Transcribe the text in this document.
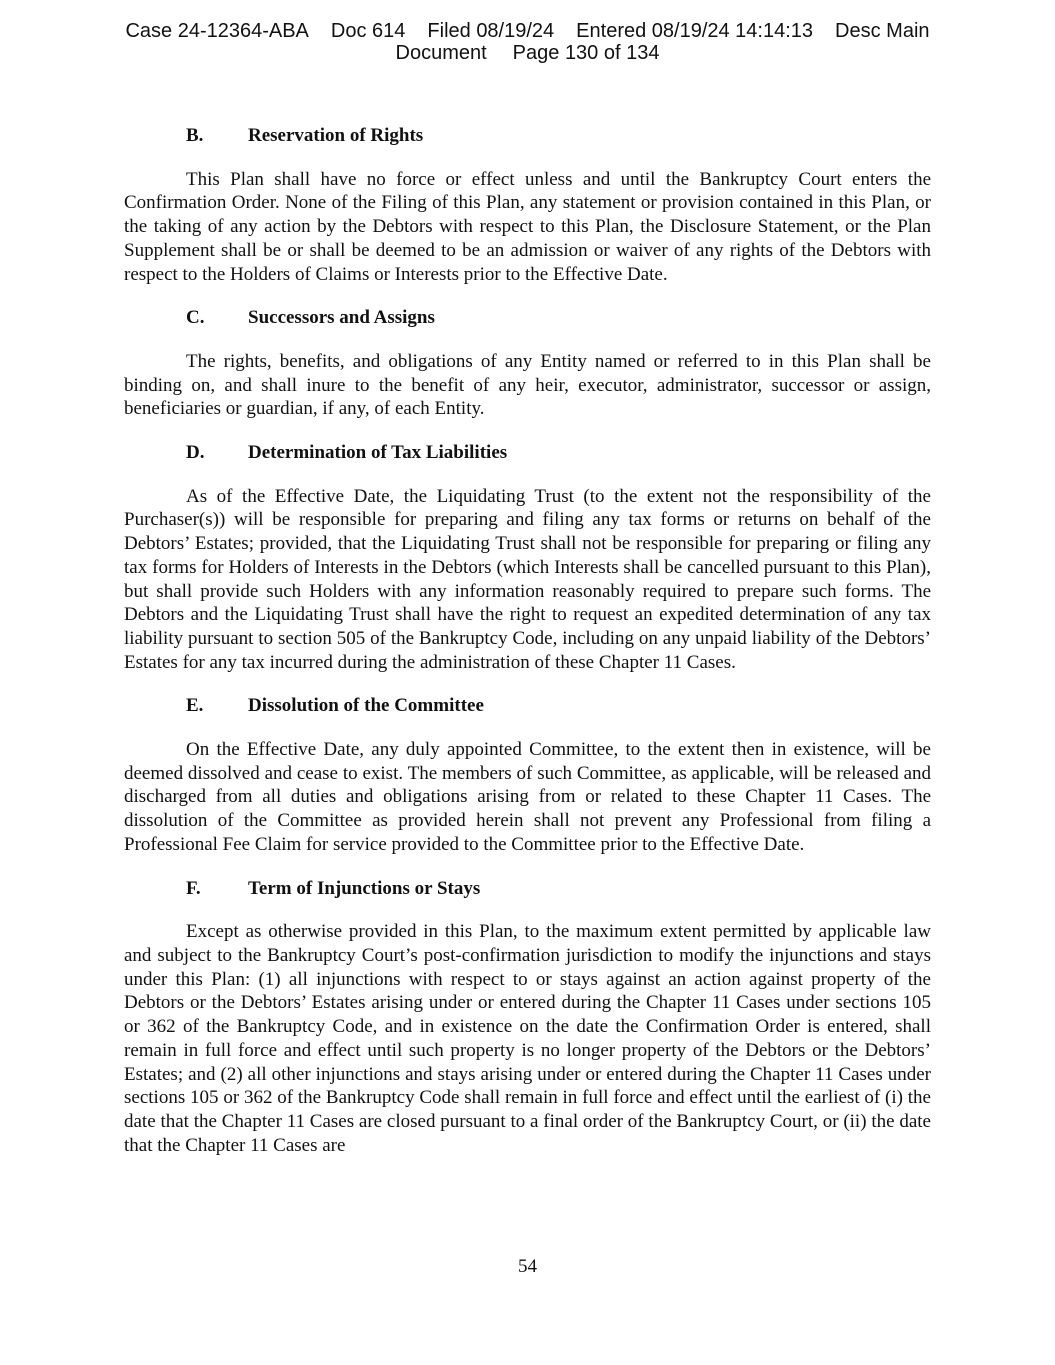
Case 24-12364-ABA Doc 614 Filed 08/19/24 Entered 08/19/24 14:14:13 Desc Main
Document Page 130 of 134
B.	Reservation of Rights

This Plan shall have no force or effect unless and until the Bankruptcy Court enters the Confirmation Order. None of the Filing of this Plan, any statement or provision contained in this Plan, or the taking of any action by the Debtors with respect to this Plan, the Disclosure Statement, or the Plan Supplement shall be or shall be deemed to be an admission or waiver of any rights of the Debtors with respect to the Holders of Claims or Interests prior to the Effective Date.

C.	Successors and Assigns

The rights, benefits, and obligations of any Entity named or referred to in this Plan shall be binding on, and shall inure to the benefit of any heir, executor, administrator, successor or assign, beneficiaries or guardian, if any, of each Entity.

D.	Determination of Tax Liabilities

As of the Effective Date, the Liquidating Trust (to the extent not the responsibility of the Purchaser(s)) will be responsible for preparing and filing any tax forms or returns on behalf of the Debtors’ Estates; provided, that the Liquidating Trust shall not be responsible for preparing or filing any tax forms for Holders of Interests in the Debtors (which Interests shall be cancelled pursuant to this Plan), but shall provide such Holders with any information reasonably required to prepare such forms. The Debtors and the Liquidating Trust shall have the right to request an expedited determination of any tax liability pursuant to section 505 of the Bankruptcy Code, including on any unpaid liability of the Debtors’ Estates for any tax incurred during the administration of these Chapter 11 Cases.

E.	Dissolution of the Committee

On the Effective Date, any duly appointed Committee, to the extent then in existence, will be deemed dissolved and cease to exist. The members of such Committee, as applicable, will be released and discharged from all duties and obligations arising from or related to these Chapter 11 Cases. The dissolution of the Committee as provided herein shall not prevent any Professional from filing a Professional Fee Claim for service provided to the Committee prior to the Effective Date.

F.	Term of Injunctions or Stays

Except as otherwise provided in this Plan, to the maximum extent permitted by applicable law and subject to the Bankruptcy Court’s post-confirmation jurisdiction to modify the injunctions and stays under this Plan: (1) all injunctions with respect to or stays against an action against property of the Debtors or the Debtors’ Estates arising under or entered during the Chapter 11 Cases under sections 105 or 362 of the Bankruptcy Code, and in existence on the date the Confirmation Order is entered, shall remain in full force and effect until such property is no longer property of the Debtors or the Debtors’ Estates; and (2) all other injunctions and stays arising under or entered during the Chapter 11 Cases under sections 105 or 362 of the Bankruptcy Code shall remain in full force and effect until the earliest of (i) the date that the Chapter 11 Cases are closed pursuant to a final order of the Bankruptcy Court, or (ii) the date that the Chapter 11 Cases are

54
